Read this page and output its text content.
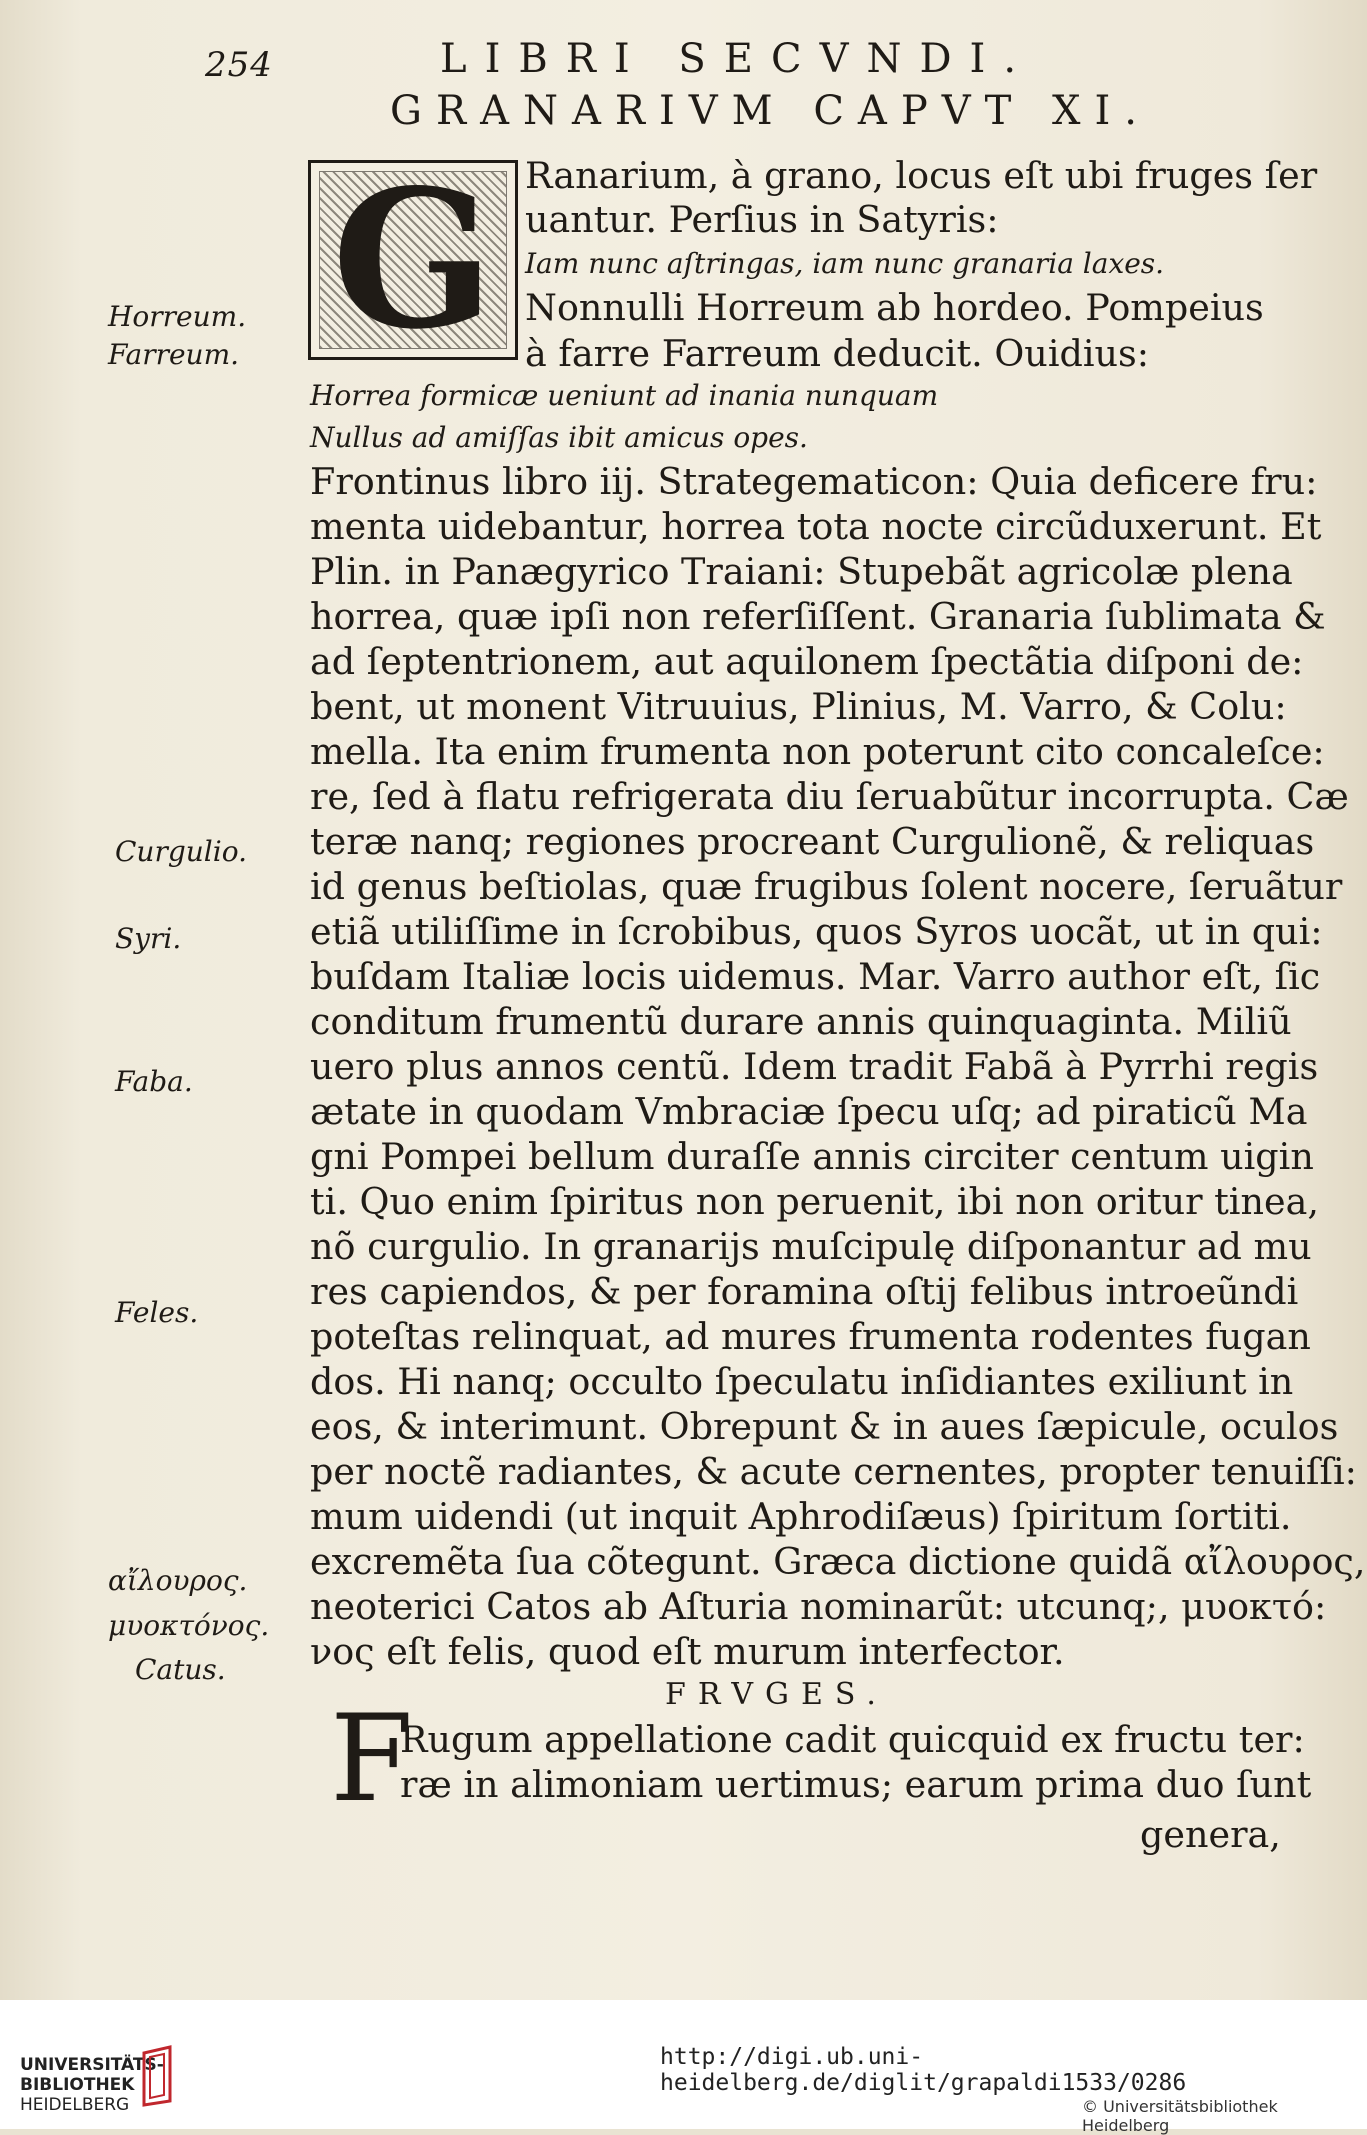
254	LIBRI SECVNDI.
GRANARIVM CAPVT XI.
G
Horreum.
Farreum.
Curgulio.
Syri.
Faba.
Feles.
αἴλουρος.
μυοκτόνος.
Catus.
Ranarium, à grano, locus eſt ubi fruges ſer
uantur. Perſius in Satyris:
Iam nunc aſtringas, iam nunc granaria laxes.
Nonnulli Horreum ab hordeo. Pompeius
à farre Farreum deducit. Ouidius:
Horrea formicæ ueniunt ad inania nunquam
Nullus ad amiſſas ibit amicus opes.
Frontinus libro iij. Strategematicon: Quia deficere fru:
menta uidebantur, horrea tota nocte circũduxerunt. Et
Plin. in Panægyrico Traiani: Stupebãt agricolæ plena
horrea, quæ ipſi non referſiſſent. Granaria ſublimata &
ad ſeptentrionem, aut aquilonem ſpectãtia diſponi de:
bent, ut monent Vitruuius, Plinius, M. Varro, & Colu:
mella. Ita enim frumenta non poterunt cito concaleſce:
re, ſed à flatu refrigerata diu ſeruabũtur incorrupta. Cæ
teræ nanq; regiones procreant Curgulionẽ, & reliquas
id genus beſtiolas, quæ frugibus ſolent nocere, ſeruãtur
etiã utiliſſime in ſcrobibus, quos Syros uocãt, ut in qui:
buſdam Italiæ locis uidemus. Mar. Varro author eſt, ſic
conditum frumentũ durare annis quinquaginta. Miliũ
uero plus annos centũ. Idem tradit Fabã à Pyrrhi regis
ætate in quodam Vmbraciæ ſpecu uſq; ad piraticũ Ma
gni Pompei bellum duraſſe annis circiter centum uigin
ti. Quo enim ſpiritus non peruenit, ibi non oritur tinea,
nõ curgulio. In granarijs muſcipulę diſponantur ad mu
res capiendos, & per foramina oſtij felibus introeũndi
poteſtas relinquat, ad mures frumenta rodentes fugan
dos. Hi nanq; occulto ſpeculatu inſidiantes exiliunt in
eos, & interimunt. Obrepunt & in aues ſæpicule, oculos
per noctẽ radiantes, & acute cernentes, propter tenuiſſi:
mum uidendi (ut inquit Aphrodiſæus) ſpiritum ſortiti.
excremẽta ſua cõtegunt. Græca dictione quidã αἴλουρος,
neoterici Catos ab Aſturia nominarũt: utcunq;, μυοκτό:
νος eſt felis, quod eſt murum interfector.
FRVGES.
F
Rugum appellatione cadit quicquid ex fructu ter:
ræ in alimoniam uertimus; earum prima duo ſunt
genera,
UNIVERSITÄTS-
BIBLIOTHEK
HEIDELBERG
http://digi.ub.uni-heidelberg.de/diglit/grapaldi1533/0286
© Universitätsbibliothek Heidelberg
